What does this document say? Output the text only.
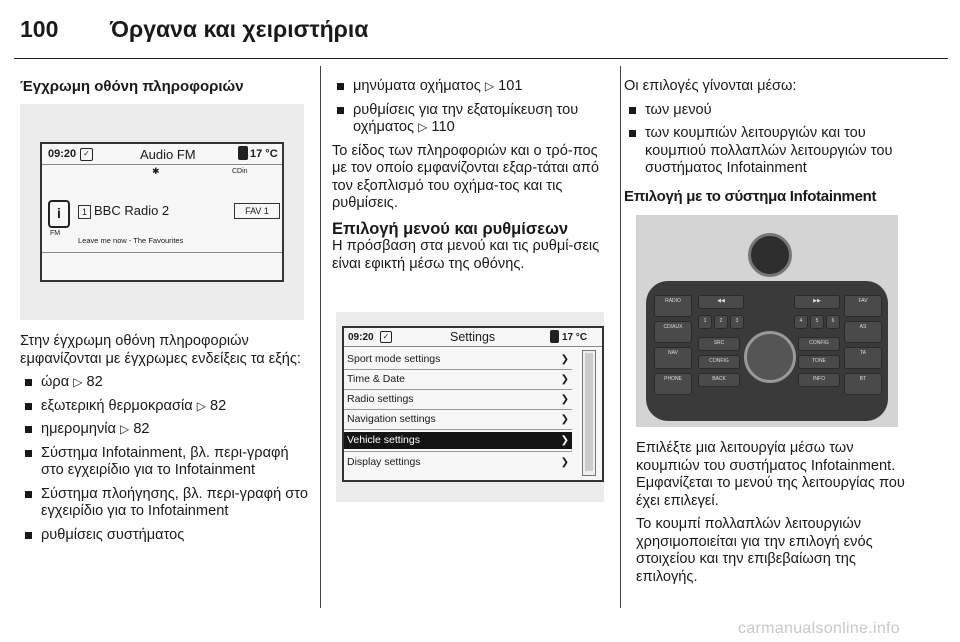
100 Όργανα και χειριστήρια
Έγχρωμη οθόνη πληροφοριών
09:20 ✓	Audio FM	17 °C
✱	CDin
i
FM
1 BBC Radio 2	FAV 1
Leave me now - The Favourites

Στην έγχρωμη οθόνη πληροφοριών εμφανίζονται με έγχρωμες ενδείξεις τα εξής:

ώρα ▷ 82
εξωτερική θερμοκρασία ▷ 82
ημερομηνία ▷ 82
Σύστημα Infotainment, βλ. περι-γραφή στο εγχειρίδιο για το Infotainment
Σύστημα πλοήγησης, βλ. περι-γραφή στο εγχειρίδιο για το Infotainment
ρυθμίσεις συστήματος
μηνύματα οχήματος ▷ 101
ρυθμίσεις για την εξατομίκευση του οχήματος ▷ 110

Το είδος των πληροφοριών και ο τρό-πος με τον οποίο εμφανίζονται εξαρ-τάται από τον εξοπλισμό του οχήμα-τος και τις ρυθμίσεις.

Επιλογή μενού και ρυθμίσεων

Η πρόσβαση στα μενού και τις ρυθμί-σεις είναι εφικτή μέσω της οθόνης.

09:20	✓	Settings	17 °C
Sport mode settings	❯
Time & Date	❯
Radio settings	❯
Navigation settings	❯
Vehicle settings	❯
Display settings	❯

Οι επιλογές γίνονται μέσω:

των μενού
των κουμπιών λειτουργιών και του κουμπιού πολλαπλών λειτουργιών του συστήματος Infotainment
Επιλογή με το σύστημα Infotainment
RADIO
CD/AUX
NAV
PHONE
FAV
AS
TA
BT
◀◀	▶▶
1	2	3	4	5	6
SRC
CONFIG
BACK
CONFIG
TONE
INFO

Επιλέξτε μια λειτουργία μέσω των κουμπιών του συστήματος Infotainment. Εμφανίζεται το μενού της λειτουργίας που έχει επιλεγεί.

Το κουμπί πολλαπλών λειτουργιών χρησιμοποιείται για την επιλογή ενός στοιχείου και την επιβεβαίωση της επιλογής.

carmanualsonline.info
